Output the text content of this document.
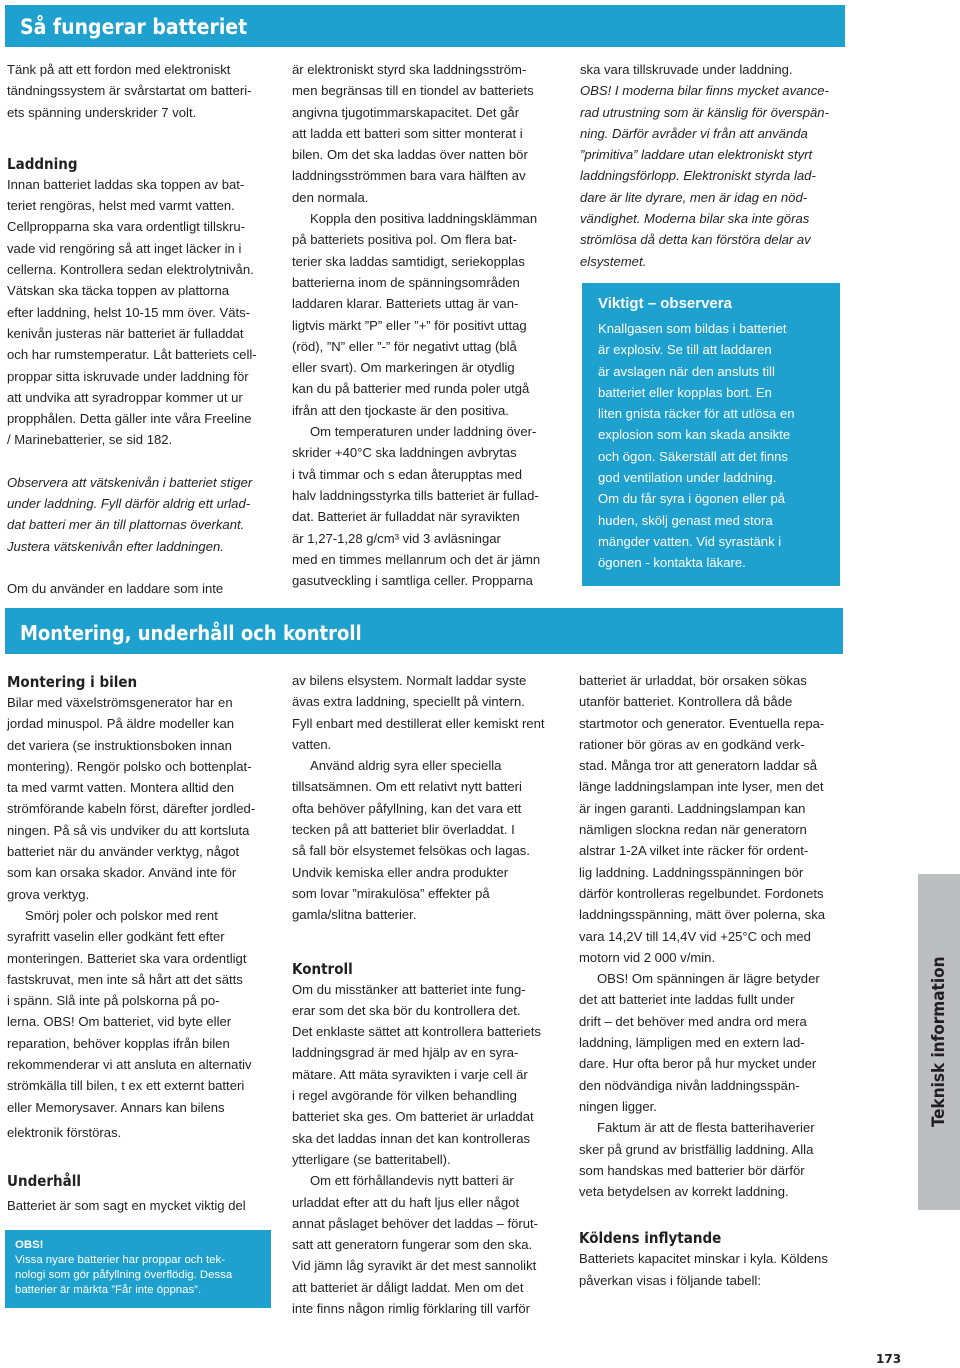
Så fungerar batteriet

Tänk på att ett fordon med elektroniskt

tändningssystem är svårstartat om batteri-

ets spänning underskrider 7 volt.

Laddning

Innan batteriet laddas ska toppen av bat-

teriet rengöras, helst med varmt vatten.

Cellpropparna ska vara ordentligt tillskru-

vade vid rengöring så att inget läcker in i

cellerna. Kontrollera sedan elektrolytnivån.

Vätskan ska täcka toppen av plattorna

efter laddning, helst 10-15 mm över. Väts-

kenivån justeras när batteriet är fulladdat

och har rumstemperatur. Låt batteriets cell-

proppar sitta iskruvade under laddning för

att undvika att syradroppar kommer ut ur

propphålen. Detta gäller inte våra Freeline

/ Marinebatterier, se sid 182.

Observera att vätskenivån i batteriet stiger

under laddning. Fyll därför aldrig ett urlad-

dat batteri mer än till plattornas överkant.

Justera vätskenivån efter laddningen.

Om du använder en laddare som inte

är elektroniskt styrd ska laddningsström-

men begränsas till en tiondel av batteriets

angivna tjugotimmarskapacitet. Det går

att ladda ett batteri som sitter monterat i

bilen. Om det ska laddas över natten bör

laddningsströmmen bara vara hälften av

den normala.

Koppla den positiva laddningsklämman

på batteriets positiva pol. Om flera bat-

terier ska laddas samtidigt, seriekopplas

batterierna inom de spänningsområden

laddaren klarar. Batteriets uttag är van-

ligtvis märkt ”P” eller ”+” för positivt uttag

(röd), ”N” eller ”-” för negativt uttag (blå

eller svart). Om markeringen är otydlig

kan du på batterier med runda poler utgå

ifrån att den tjockaste är den positiva.

Om temperaturen under laddning över-

skrider +40°C ska laddningen avbrytas

i två timmar och s edan återupptas med

halv laddningsstyrka tills batteriet är fullad-

dat. Batteriet är fulladdat när syravikten

är 1,27-1,28 g/cm³ vid 3 avläsningar

med en timmes mellanrum och det är jämn

gasutveckling i samtliga celler. Propparna

ska vara tillskruvade under laddning.

OBS! I moderna bilar finns mycket avance-

rad utrustning som är känslig för överspän-

ning. Därför avråder vi från att använda

”primitiva” laddare utan elektroniskt styrt

laddningsförlopp. Elektroniskt styrda lad-

dare är lite dyrare, men är idag en nöd-

vändighet. Moderna bilar ska inte göras

strömlösa då detta kan förstöra delar av

elsystemet.

Viktigt – observera

Knallgasen som bildas i batteriet

är explosiv. Se till att laddaren

är avslagen när den ansluts till

batteriet eller kopplas bort. En

liten gnista räcker för att utlösa en

explosion som kan skada ansikte

och ögon. Säkerställ att det finns

god ventilation under laddning.

Om du får syra i ögonen eller på

huden, skölj genast med stora

mängder vatten. Vid syrastänk i

ögonen - kontakta läkare.

Montering, underhåll och kontroll

Montering i bilen

Bilar med växelströmsgenerator har en

jordad minuspol. På äldre modeller kan

det variera (se instruktionsboken innan

montering). Rengör polsko och bottenplat-

ta med varmt vatten. Montera alltid den

strömförande kabeln först, därefter jordled-

ningen. På så vis undviker du att kortsluta

batteriet när du använder verktyg, något

som kan orsaka skador. Använd inte för

grova verktyg.

Smörj poler och polskor med rent

syrafritt vaselin eller godkänt fett efter

monteringen. Batteriet ska vara ordentligt

fastskruvat, men inte så hårt att det sätts

i spänn. Slå inte på polskorna på po-

lerna. OBS! Om batteriet, vid byte eller

reparation, behöver kopplas ifrån bilen

rekommenderar vi att ansluta en alternativ

strömkälla till bilen, t ex ett externt batteri

eller Memorysaver. Annars kan bilens

elektronik förstöras.

Underhåll

Batteriet är som sagt en mycket viktig del

OBS!

Vissa nyare batterier har proppar och tek-

nologi som gör påfyllning överflödig. Dessa

batterier är märkta ”Får inte öppnas”.

av bilens elsystem. Normalt laddar syste

ävas extra laddning, speciellt på vintern.

Fyll enbart med destillerat eller kemiskt rent

vatten.

Använd aldrig syra eller speciella

tillsatsämnen. Om ett relativt nytt batteri

ofta behöver påfyllning, kan det vara ett

tecken på att batteriet blir överladdat. I

så fall bör elsystemet felsökas och lagas.

Undvik kemiska eller andra produkter

som lovar ”mirakulösa” effekter på

gamla/slitna batterier.

Kontroll

Om du misstänker att batteriet inte fung-

erar som det ska bör du kontrollera det.

Det enklaste sättet att kontrollera batteriets

laddningsgrad är med hjälp av en syra-

mätare. Att mäta syravikten i varje cell är

i regel avgörande för vilken behandling

batteriet ska ges. Om batteriet är urladdat

ska det laddas innan det kan kontrolleras

ytterligare (se batteritabell).

Om ett förhållandevis nytt batteri är

urladdat efter att du haft ljus eller något

annat påslaget behöver det laddas – förut-

satt att generatorn fungerar som den ska.

Vid jämn låg syravikt är det mest sannolikt

att batteriet är dåligt laddat. Men om det

inte finns någon rimlig förklaring till varför

batteriet är urladdat, bör orsaken sökas

utanför batteriet. Kontrollera då både

startmotor och generator. Eventuella repa-

rationer bör göras av en godkänd verk-

stad. Många tror att generatorn laddar så

länge laddningslampan inte lyser, men det

är ingen garanti. Laddningslampan kan

nämligen slockna redan när generatorn

alstrar 1-2A vilket inte räcker för ordent-

lig laddning. Laddningsspänningen bör

därför kontrolleras regelbundet. Fordonets

laddningsspänning, mätt över polerna, ska

vara 14,2V till 14,4V vid +25°C och med

motorn vid 2 000 v/min.

OBS! Om spänningen är lägre betyder

det att batteriet inte laddas fullt under

drift – det behöver med andra ord mera

laddning, lämpligen med en extern lad-

dare. Hur ofta beror på hur mycket under

den nödvändiga nivån laddningsspän-

ningen ligger.

Faktum är att de flesta batterihaverier

sker på grund av bristfällig laddning. Alla

som handskas med batterier bör därför

veta betydelsen av korrekt laddning.

Köldens inflytande

Batteriets kapacitet minskar i kyla. Köldens

påverkan visas i följande tabell:

Teknisk information
173
